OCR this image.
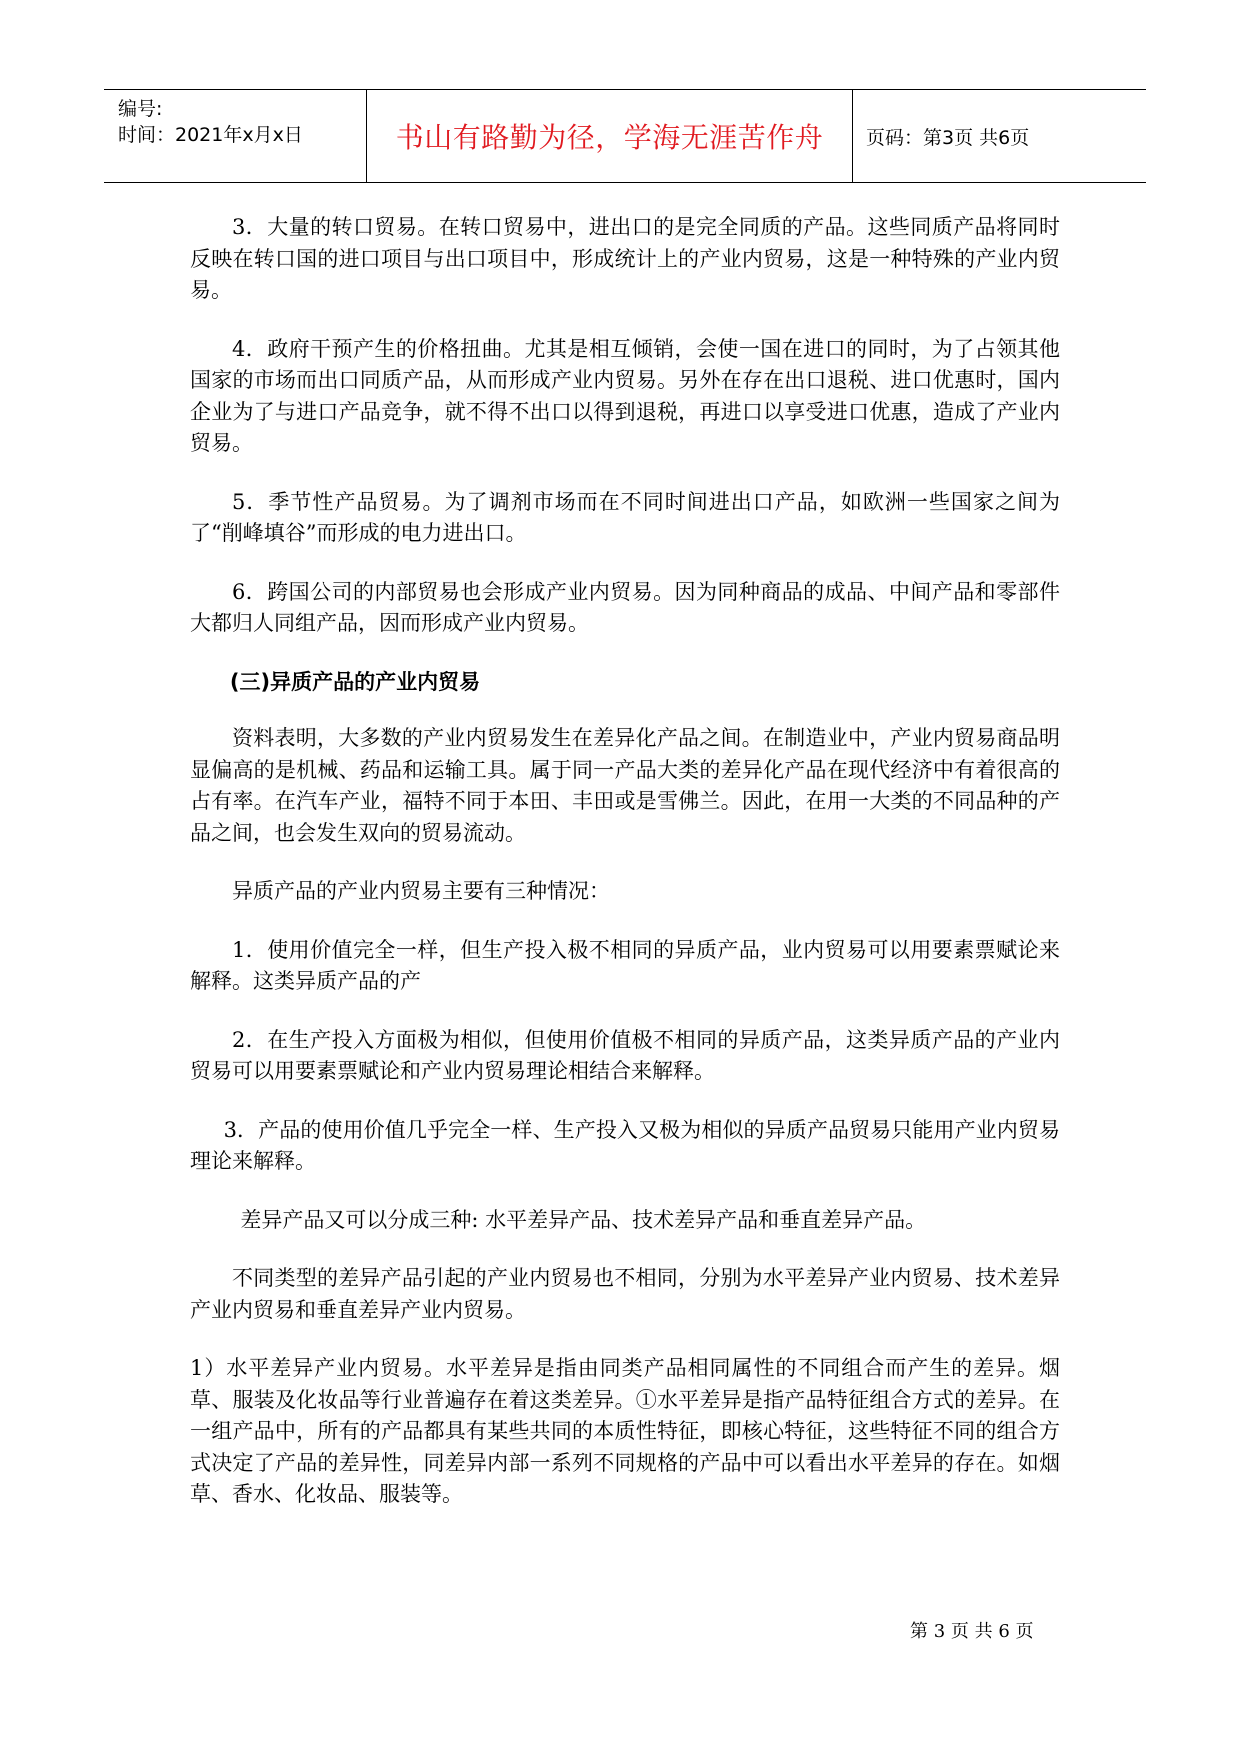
编号:
时间：2021年x月x日	书山有路勤为径，学海无涯苦作舟	页码：第3页 共6页

3．大量的转口贸易。在转口贸易中，进出口的是完全同质的产品。这些同质产品将同时反映在转口国的进口项目与出口项目中，形成统计上的产业内贸易，这是一种特殊的产业内贸易。

4．政府干预产生的价格扭曲。尤其是相互倾销，会使一国在进口的同时，为了占领其他国家的市场而出口同质产品，从而形成产业内贸易。另外在存在出口退税、进口优惠时，国内企业为了与进口产品竞争，就不得不出口以得到退税，再进口以享受进口优惠，造成了产业内贸易。

5．季节性产品贸易。为了调剂市场而在不同时间进出口产品，如欧洲一些国家之间为了“削峰填谷”而形成的电力进出口。

6．跨国公司的内部贸易也会形成产业内贸易。因为同种商品的成品、中间产品和零部件大都归人同组产品，因而形成产业内贸易。

(三)异质产品的产业内贸易

资料表明，大多数的产业内贸易发生在差异化产品之间。在制造业中，产业内贸易商品明显偏高的是机械、药品和运输工具。属于同一产品大类的差异化产品在现代经济中有着很高的占有率。在汽车产业，福特不同于本田、丰田或是雪佛兰。因此，在用一大类的不同品种的产品之间，也会发生双向的贸易流动。

异质产品的产业内贸易主要有三种情况：

1．使用价值完全一样，但生产投入极不相同的异质产品，业内贸易可以用要素票赋论来解释。这类异质产品的产

2．在生产投入方面极为相似，但使用价值极不相同的异质产品，这类异质产品的产业内贸易可以用要素票赋论和产业内贸易理论相结合来解释。

3．产品的使用价值几乎完全一样、生产投入又极为相似的异质产品贸易只能用产业内贸易理论来解释。

差异产品又可以分成三种: 水平差异产品、技术差异产品和垂直差异产品。

不同类型的差异产品引起的产业内贸易也不相同，分别为水平差异产业内贸易、技术差异产业内贸易和垂直差异产业内贸易。

1）水平差异产业内贸易。水平差异是指由同类产品相同属性的不同组合而产生的差异。烟草、服装及化妆品等行业普遍存在着这类差异。①水平差异是指产品特征组合方式的差异。在一组产品中，所有的产品都具有某些共同的本质性特征，即核心特征，这些特征不同的组合方式决定了产品的差异性，同差异内部一系列不同规格的产品中可以看出水平差异的存在。如烟草、香水、化妆品、服装等。

第 3 页 共 6 页
